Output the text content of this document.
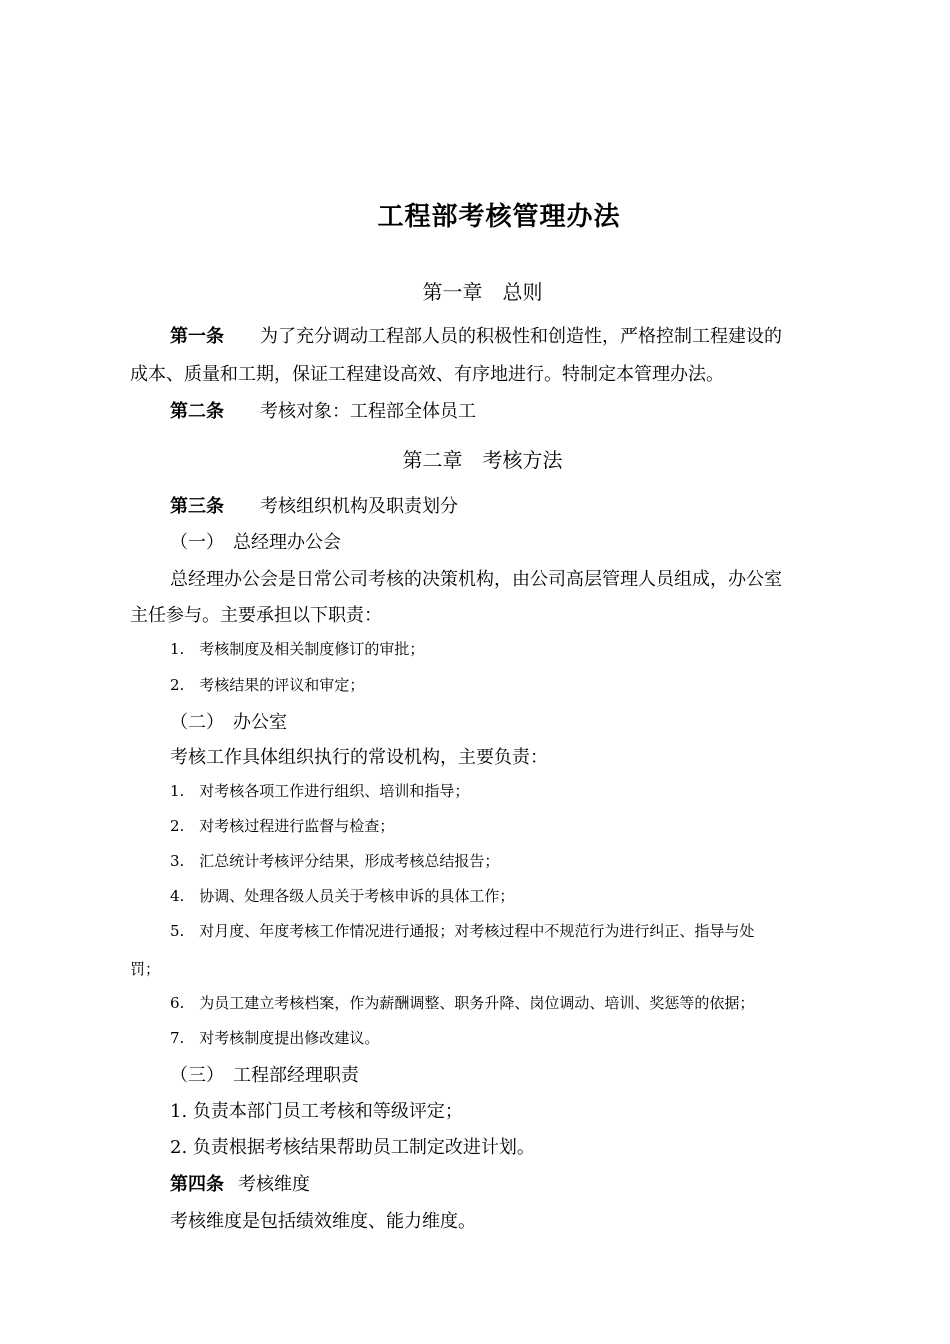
工程部考核管理办法
第一章　总则
第一条 为了充分调动工程部人员的积极性和创造性，严格控制工程建设的
成本、质量和工期，保证工程建设高效、有序地进行。特制定本管理办法。
第二条 考核对象：工程部全体员工
第二章　考核方法
第三条 考核组织机构及职责划分
（一）　总经理办公会
总经理办公会是日常公司考核的决策机构，由公司高层管理人员组成，办公室
主任参与。主要承担以下职责：
1.　考核制度及相关制度修订的审批；
2.　考核结果的评议和审定；
（二）　办公室
考核工作具体组织执行的常设机构，主要负责：
1.　对考核各项工作进行组织、培训和指导；
2.　对考核过程进行监督与检查；
3.　汇总统计考核评分结果，形成考核总结报告；
4.　协调、处理各级人员关于考核申诉的具体工作；
5.　对月度、年度考核工作情况进行通报；对考核过程中不规范行为进行纠正、指导与处
罚；
6.　为员工建立考核档案，作为薪酬调整、职务升降、岗位调动、培训、奖惩等的依据；
7.　对考核制度提出修改建议。
（三）　工程部经理职责
1. 负责本部门员工考核和等级评定；
2. 负责根据考核结果帮助员工制定改进计划。
第四条 考核维度
考核维度是包括绩效维度、能力维度。
